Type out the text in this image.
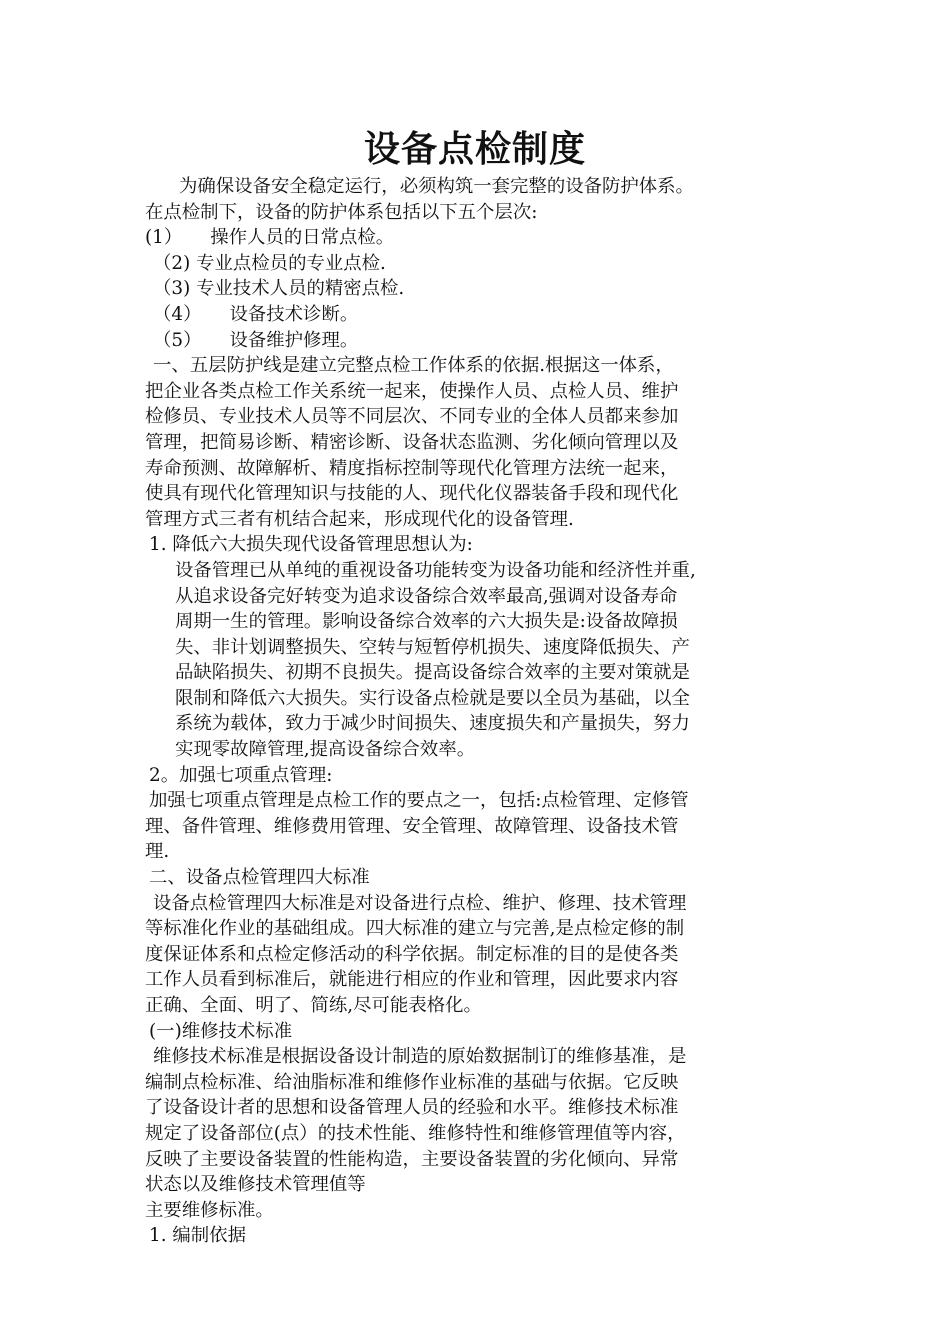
设备点检制度
为确保设备安全稳定运行，必须构筑一套完整的设备防护体系。
在点检制下，设备的防护体系包括以下五个层次:
(1） 操作人员的日常点检。
（2) 专业点检员的专业点检.
（3) 专业技术人员的精密点检.
（4） 设备技术诊断。
（5） 设备维护修理。
一、五层防护线是建立完整点检工作体系的依据.根据这一体系，
把企业各类点检工作关系统一起来，使操作人员、点检人员、维护
检修员、专业技术人员等不同层次、不同专业的全体人员都来参加
管理，把简易诊断、精密诊断、设备状态监测、劣化倾向管理以及
寿命预测、故障解析、精度指标控制等现代化管理方法统一起来，
使具有现代化管理知识与技能的人、现代化仪器装备手段和现代化
管理方式三者有机结合起来，形成现代化的设备管理.
1. 降低六大损失现代设备管理思想认为:
设备管理已从单纯的重视设备功能转变为设备功能和经济性并重,
从追求设备完好转变为追求设备综合效率最高,强调对设备寿命
周期一生的管理。影响设备综合效率的六大损失是:设备故障损
失、非计划调整损失、空转与短暂停机损失、速度降低损失、产
品缺陷损失、初期不良损失。提高设备综合效率的主要对策就是
限制和降低六大损失。实行设备点检就是要以全员为基础，以全
系统为载体，致力于减少时间损失、速度损失和产量损失，努力
实现零故障管理,提高设备综合效率。
2。加强七项重点管理:
加强七项重点管理是点检工作的要点之一，包括:点检管理、定修管
理、备件管理、维修费用管理、安全管理、故障管理、设备技术管
理.
二、设备点检管理四大标准
设备点检管理四大标准是对设备进行点检、维护、修理、技术管理
等标准化作业的基础组成。四大标准的建立与完善,是点检定修的制
度保证体系和点检定修活动的科学依据。制定标准的目的是使各类
工作人员看到标准后，就能进行相应的作业和管理，因此要求内容
正确、全面、明了、简练,尽可能表格化。
(一)维修技术标准
维修技术标准是根据设备设计制造的原始数据制订的维修基准，是
编制点检标准、给油脂标准和维修作业标准的基础与依据。它反映
了设备设计者的思想和设备管理人员的经验和水平。维修技术标准
规定了设备部位(点）的技术性能、维修特性和维修管理值等内容，
反映了主要设备装置的性能构造，主要设备装置的劣化倾向、异常
状态以及维修技术管理值等
主要维修标准。
1. 编制依据
